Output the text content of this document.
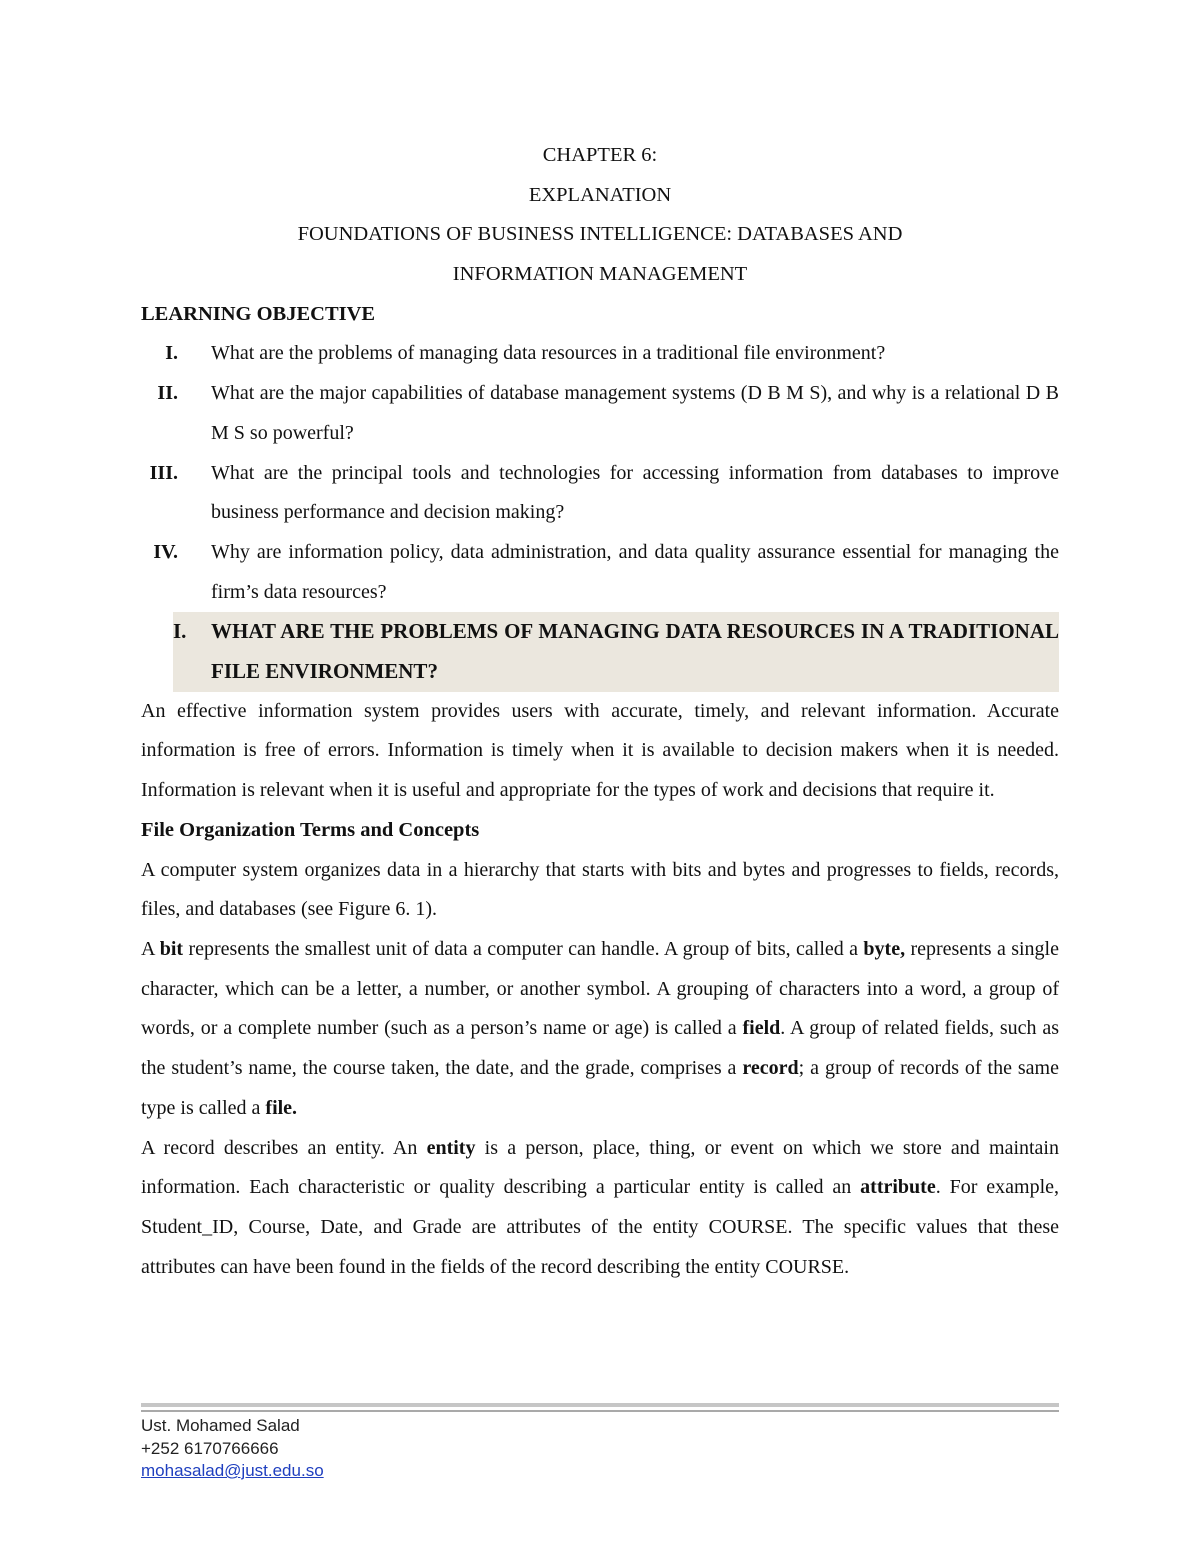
CHAPTER 6:
EXPLANATION
FOUNDATIONS OF BUSINESS INTELLIGENCE: DATABASES AND
INFORMATION MANAGEMENT
LEARNING OBJECTIVE
I.	What are the problems of managing data resources in a traditional file environment?
II.	What are the major capabilities of database management systems (D B M S), and why is a relational D B M S so powerful?
III.	What are the principal tools and technologies for accessing information from databases to improve business performance and decision making?
IV.	Why are information policy, data administration, and data quality assurance essential for managing the firm’s data resources?
I.	WHAT ARE THE PROBLEMS OF MANAGING DATA RESOURCES IN A TRADITIONAL FILE ENVIRONMENT?

An effective information system provides users with accurate, timely, and relevant information. Accurate information is free of errors. Information is timely when it is available to decision makers when it is needed. Information is relevant when it is useful and appropriate for the types of work and decisions that require it.

File Organization Terms and Concepts

A computer system organizes data in a hierarchy that starts with bits and bytes and progresses to fields, records, files, and databases (see Figure 6. 1).

A bit represents the smallest unit of data a computer can handle. A group of bits, called a byte, represents a single character, which can be a letter, a number, or another symbol. A grouping of characters into a word, a group of words, or a complete number (such as a person’s name or age) is called a field. A group of related fields, such as the student’s name, the course taken, the date, and the grade, comprises a record; a group of records of the same type is called a file.

A record describes an entity. An entity is a person, place, thing, or event on which we store and maintain information. Each characteristic or quality describing a particular entity is called an attribute. For example, Student_ID, Course, Date, and Grade are attributes of the entity COURSE. The specific values that these attributes can have been found in the fields of the record describing the entity COURSE.

Ust. Mohamed Salad
+252 6170766666
mohasalad@just.edu.so
